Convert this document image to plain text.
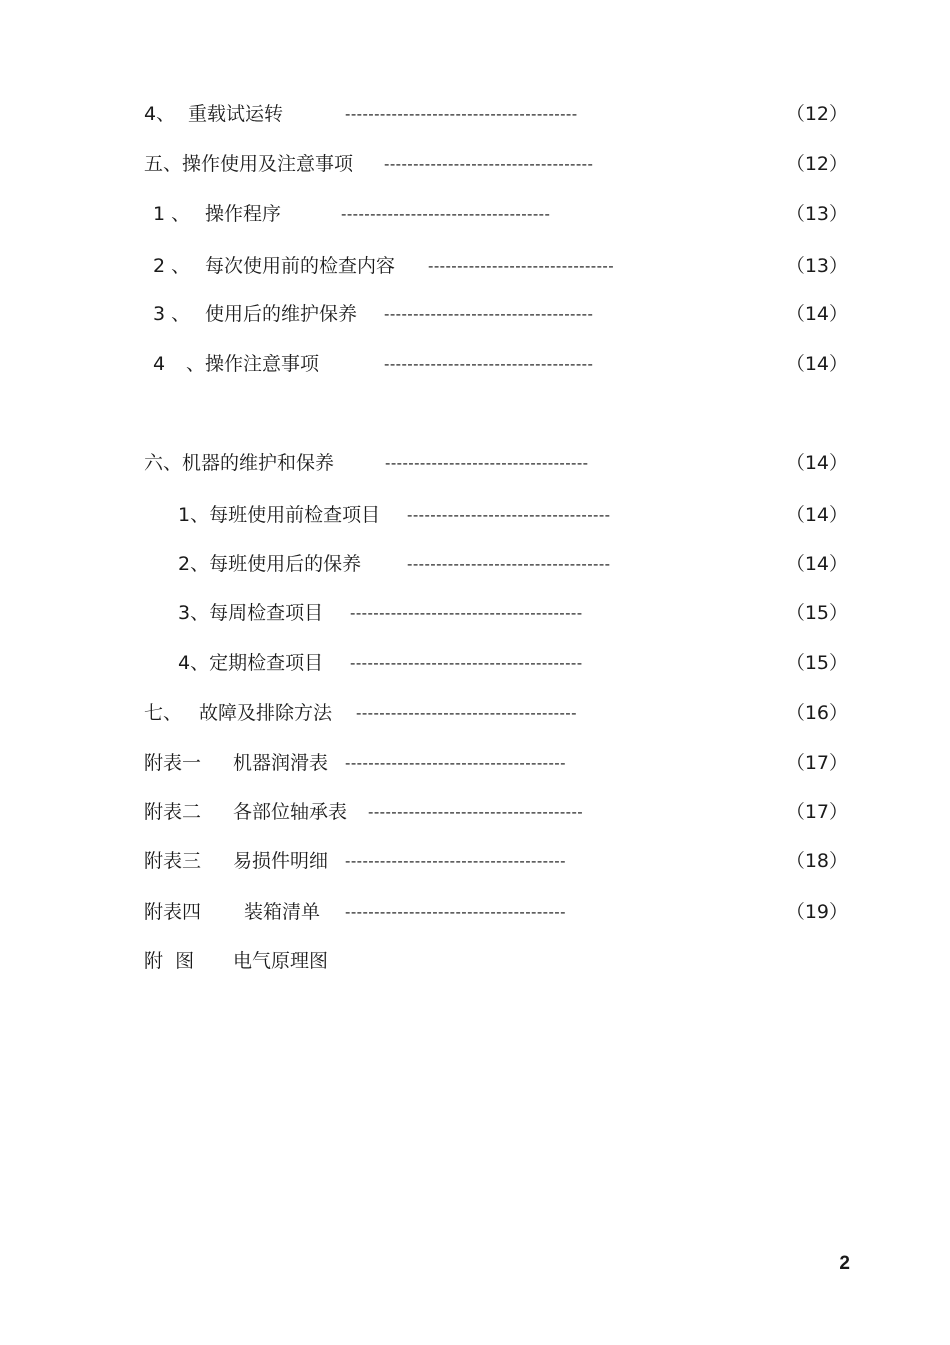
4、 重载试运转	----------------------------------------	（12）
五、操作使用及注意事项 ------------------------------------	（12）
1 、 操作程序	------------------------------------	（13）
2 、 每次使用前的检查内容 --------------------------------	（13）
3 、 使用后的维护保养 ------------------------------------	（14）
4 、操作注意事项	------------------------------------	（14）
六、机器的维护和保养	-----------------------------------	（14）
1、每班使用前检查项目 -----------------------------------	（14）
2、每班使用后的保养	-----------------------------------	（14）
3、每周检查项目 ----------------------------------------	（15）
4、定期检查项目 ----------------------------------------	（15）
七、 故障及排除方法 --------------------------------------	（16）
附表一 机器润滑表 --------------------------------------	（17）
附表二 各部位轴承表 -------------------------------------	（17）
附表三 易损件明细 --------------------------------------	（18）
附表四 装箱清单 --------------------------------------	（19）
附  图 电气原理图
2
